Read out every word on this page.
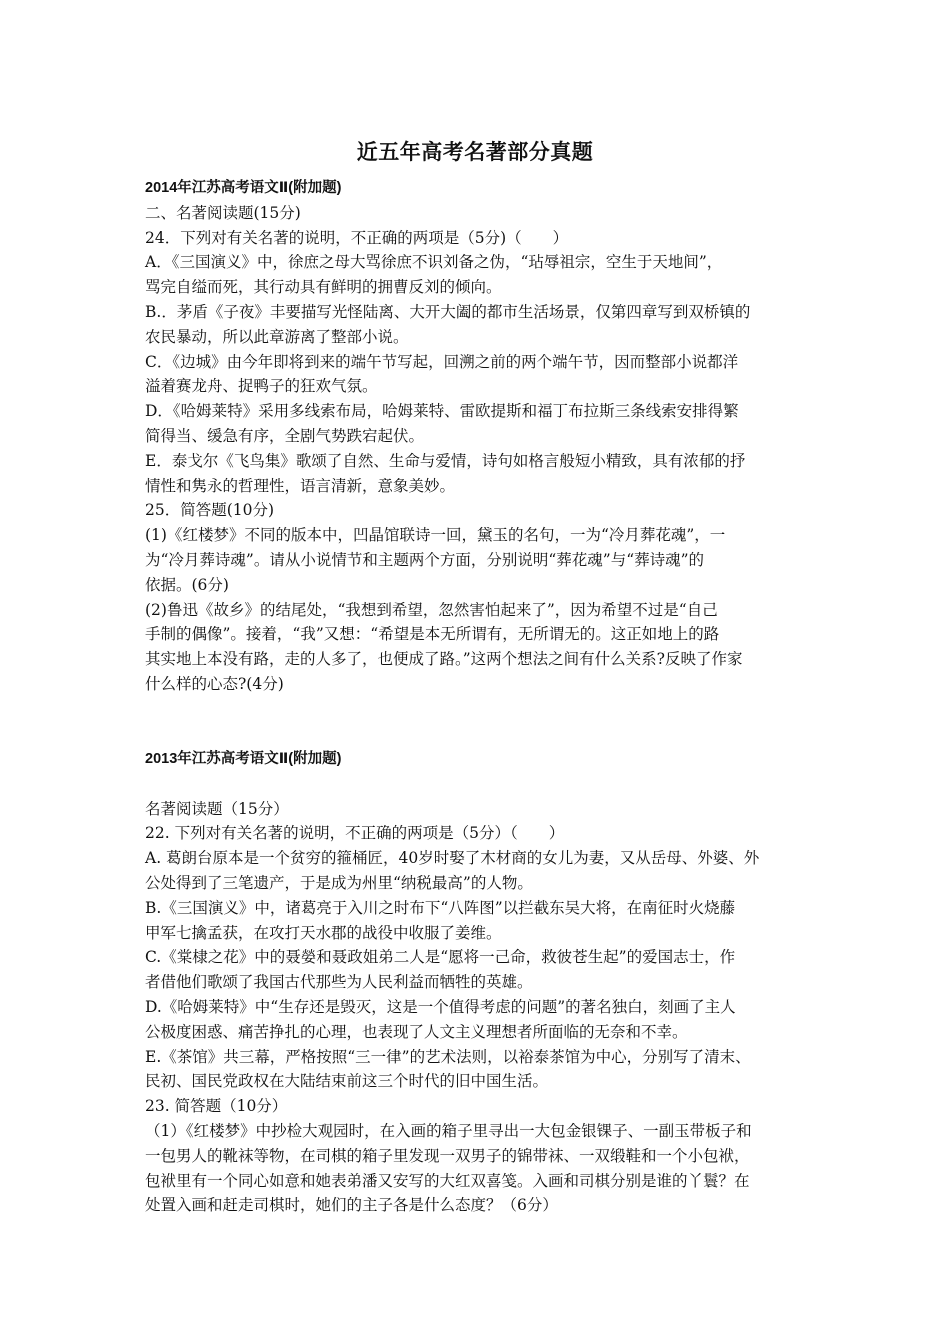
近五年高考名著部分真题
2014年江苏高考语文Ⅱ(附加题)
二、名著阅读题(15分)
24．下列对有关名著的说明，不正确的两项是（5分)（　　）
A．《三国演义》中，徐庶之母大骂徐庶不识刘备之伪，“玷辱祖宗，空生于天地间”，
骂完自缢而死，其行动具有鲜明的拥曹反刘的倾向。
B.．茅盾《子夜》丰要描写光怪陆离、大开大阖的都市生活场景，仅第四章写到双桥镇的
农民暴动，所以此章游离了整部小说。
C．《边城》由今年即将到来的端午节写起，回溯之前的两个端午节，因而整部小说都洋
溢着赛龙舟、捉鸭子的狂欢气氛。
D．《哈姆莱特》采用多线索布局，哈姆莱特、雷欧提斯和福丁布拉斯三条线索安排得繁
简得当、缓急有序，全剧气势跌宕起伏。
E．泰戈尔《飞鸟集》歌颂了自然、生命与爱情，诗句如格言般短小精致，具有浓郁的抒
情性和隽永的哲理性，语言清新，意象美妙。
25．简答题(10分)
(1)《红楼梦》不同的版本中，凹晶馆联诗一回，黛玉的名句，一为“冷月葬花魂”，一
为“冷月葬诗魂”。请从小说情节和主题两个方面，分别说明“葬花魂”与“葬诗魂”的
依据。(6分)
(2)鲁迅《故乡》的结尾处，“我想到希望，忽然害怕起来了”，因为希望不过是“自己
手制的偶像”。接着，“我”又想：“希望是本无所谓有，无所谓无的。这正如地上的路
其实地上本没有路，走的人多了，也便成了路。”这两个想法之间有什么关系?反映了作家
什么样的心态?(4分)
2013年江苏高考语文Ⅱ(附加题)
名著阅读题（15分）
22. 下列对有关名著的说明，不正确的两项是（5分）（　　）
A. 葛朗台原本是一个贫穷的箍桶匠，40岁时娶了木材商的女儿为妻，又从岳母、外婆、外
公处得到了三笔遗产，于是成为州里“纳税最高”的人物。
B.《三国演义》中，诸葛亮于入川之时布下“八阵图”以拦截东吴大将，在南征时火烧藤
甲军七擒孟获，在攻打天水郡的战役中收服了姜维。
C.《棠棣之花》中的聂嫈和聂政姐弟二人是“愿将一己命，救彼苍生起”的爱国志士，作
者借他们歌颂了我国古代那些为人民利益而牺牲的英雄。
D.《哈姆莱特》中“生存还是毁灭，这是一个值得考虑的问题”的著名独白，刻画了主人
公极度困惑、痛苦挣扎的心理，也表现了人文主义理想者所面临的无奈和不幸。
E.《茶馆》共三幕，严格按照“三一律”的艺术法则，以裕泰茶馆为中心，分别写了清末、
民初、国民党政权在大陆结束前这三个时代的旧中国生活。
23. 简答题（10分）
（1）《红楼梦》中抄检大观园时，在入画的箱子里寻出一大包金银锞子、一副玉带板子和
一包男人的靴袜等物，在司棋的箱子里发现一双男子的锦带袜、一双缎鞋和一个小包袱，
包袱里有一个同心如意和她表弟潘又安写的大红双喜笺。入画和司棋分别是谁的丫鬟？在
处置入画和赶走司棋时，她们的主子各是什么态度？（6分）
